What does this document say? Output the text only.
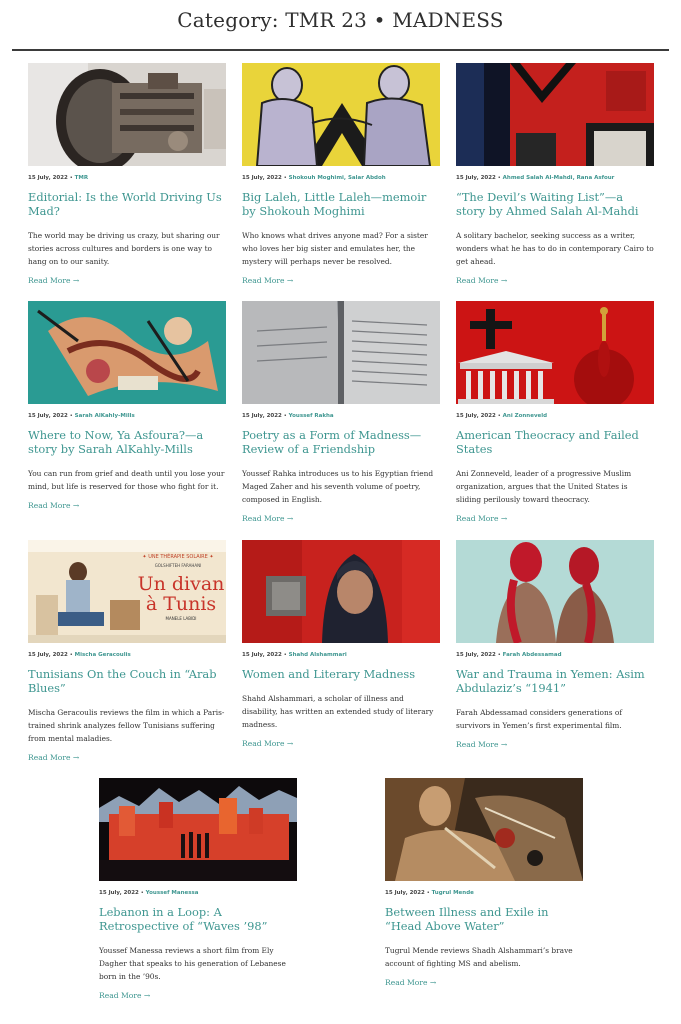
Category: TMR 23 • MADNESS
15 July, 2022 • TMR
Editorial: Is the World Driving Us Mad?
The world may be driving us crazy, but sharing our stories across cultures and borders is one way to hang on to our sanity.
Read More →
15 July, 2022 • Shokouh Moghimi, Salar Abdoh
Big Laleh, Little Laleh—memoir by Shokouh Moghimi
Who knows what drives anyone mad? For a sister who loves her big sister and emulates her, the mystery will perhaps never be resolved.
Read More →
15 July, 2022 • Ahmed Salah Al-Mahdi, Rana Asfour
“The Devil’s Waiting List”—a story by Ahmed Salah Al-Mahdi
A solitary bachelor, seeking success as a writer, wonders what he has to do in contemporary Cairo to get ahead.
Read More →
15 July, 2022 • Sarah AlKahly-Mills
Where to Now, Ya Asfoura?—a story by Sarah AlKahly-Mills
You can run from grief and death until you lose your mind, but life is reserved for those who fight for it.
Read More →
15 July, 2022 • Youssef Rakha
Poetry as a Form of Madness—Review of a Friendship
Youssef Rahka introduces us to his Egyptian friend Maged Zaher and his seventh volume of poetry, composed in English.
Read More →
15 July, 2022 • Ani Zonneveld
American Theocracy and Failed States
Ani Zonneveld, leader of a progressive Muslim organization, argues that the United States is sliding perilously toward theocracy.
Read More →
✦ UNE THÉRAPIE SOLAIRE ✦
GOLSHIFTEH FARAHANI
Un divan
à Tunis
MANELE LABIDI
15 July, 2022 • Mischa Geracoulis
Tunisians On the Couch in “Arab Blues”
Mischa Geracoulis reviews the film in which a Paris-trained shrink analyzes fellow Tunisians suffering from mental maladies.
Read More →
15 July, 2022 • Shahd Alshammari
Women and Literary Madness
Shahd Alshammari, a scholar of illness and disability, has written an extended study of literary madness.
Read More →
15 July, 2022 • Farah Abdessamad
War and Trauma in Yemen: Asim Abdulaziz’s “1941”
Farah Abdessamad considers generations of survivors in Yemen’s first experimental film.
Read More →
15 July, 2022 • Youssef Manessa
Lebanon in a Loop: A Retrospective of “Waves ’98”
Youssef Manessa reviews a short film from Ely Dagher that speaks to his generation of Lebanese born in the ’90s.
Read More →
15 July, 2022 • Tugrul Mende
Between Illness and Exile in “Head Above Water”
Tugrul Mende reviews Shadh Alshammari’s brave account of fighting MS and abelism.
Read More →
